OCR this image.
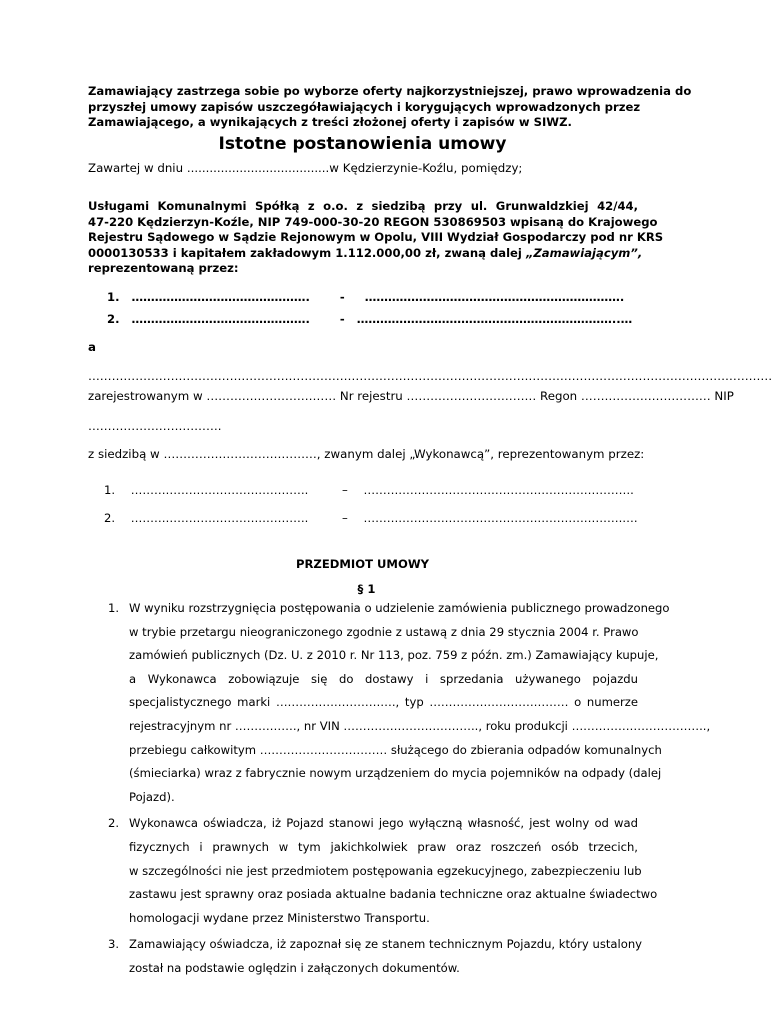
Zamawiający zastrzega sobie po wyborze oferty najkorzystniejszej, prawo wprowadzenia do
przyszłej umowy zapisów uszczegóławiających i korygujących wprowadzonych przez
Zamawiającego, a wynikających z treści złożonej oferty i zapisów w SIWZ.
Istotne postanowienia umowy
Zawartej w dniu ......................................w Kędzierzynie-Koźlu, pomiędzy;
Usługami Komunalnymi Spółką z o.o. z siedzibą przy ul. Grunwaldzkiej 42/44,
47-220 Kędzierzyn-Koźle, NIP 749-000-30-20 REGON 530869503 wpisaną do Krajowego
Rejestru Sądowego w Sądzie Rejonowym w Opolu, VIII Wydział Gospodarczy pod nr KRS
0000130533 i kapitałem zakładowym 1.112.000,00 zł, zwaną dalej „Zamawiającym”,
reprezentowaną przez:
1. ……………………………………….	- ………………………………………………………….
2. ……………………………………….	- …………………………………………………………..…
a
…………………………………………………………………………………………………………………………………………………………
zarejestrowanym w …………………………… Nr rejestru …………………………… Regon …………………………… NIP
…………………………….
z siedzibą w …………………………………, zwanym dalej „Wykonawcą”, reprezentowanym przez:
1. ……………………………………….	– …………………………………………………………….
2. ……………………………………….	– ………………………………………………………….….
PRZEDMIOT UMOWY
§ 1
1. W wyniku rozstrzygnięcia postępowania o udzielenie zamówienia publicznego prowadzonego
w trybie przetargu nieograniczonego zgodnie z ustawą z dnia 29 stycznia 2004 r. Prawo
zamówień publicznych (Dz. U. z 2010 r. Nr 113, poz. 759 z późn. zm.) Zamawiający kupuje,
a Wykonawca zobowiązuje się do dostawy i sprzedania używanego pojazdu
specjalistycznego marki …………………………., typ ……………………………… o numerze
rejestracyjnym nr ……………., nr VIN …………………………….., roku produkcji ……………………………..,
przebiegu całkowitym …………………………… służącego do zbierania odpadów komunalnych
(śmieciarka) wraz z fabrycznie nowym urządzeniem do mycia pojemników na odpady (dalej
Pojazd).
2. Wykonawca oświadcza, iż Pojazd stanowi jego wyłączną własność, jest wolny od wad
fizycznych i prawnych w tym jakichkolwiek praw oraz roszczeń osób trzecich,
w szczególności nie jest przedmiotem postępowania egzekucyjnego, zabezpieczeniu lub
zastawu jest sprawny oraz posiada aktualne badania techniczne oraz aktualne świadectwo
homologacji wydane przez Ministerstwo Transportu.
3. Zamawiający oświadcza, iż zapoznał się ze stanem technicznym Pojazdu, który ustalony
został na podstawie oględzin i załączonych dokumentów.
